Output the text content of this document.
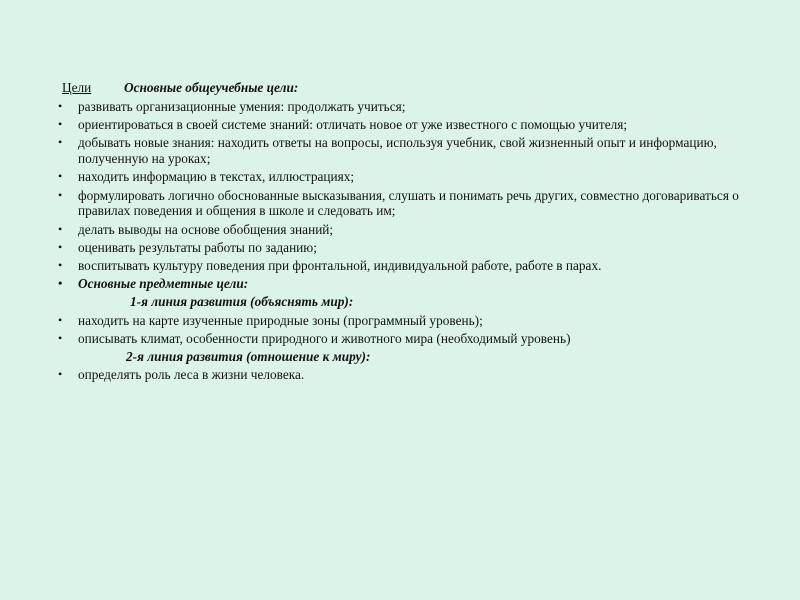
Цели Основные общеучебные цели:
• развивать организационные умения: продолжать учиться;
• ориентироваться в своей системе знаний: отличать новое от уже известного с помощью учителя;
• добывать новые знания: находить ответы на вопросы, используя учебник, свой жизненный опыт и информацию, полученную на уроках;
• находить информацию в текстах, иллюстрациях;
• формулировать логично обоснованные высказывания, слушать и понимать речь других, совместно договариваться о правилах поведения и общения в школе и следовать им;
• делать выводы на основе обобщения знаний;
• оценивать результаты работы по заданию;
• воспитывать культуру поведения при фронтальной, индивидуальной работе, работе в парах.
• Основные предметные цели:
1-я линия развития (объяснять мир):
• находить на карте изученные природные зоны (программный уровень);
• описывать климат, особенности природного и животного мира (необходимый уровень)
2-я линия развития (отношение к миру):
• определять роль леса в жизни человека.
